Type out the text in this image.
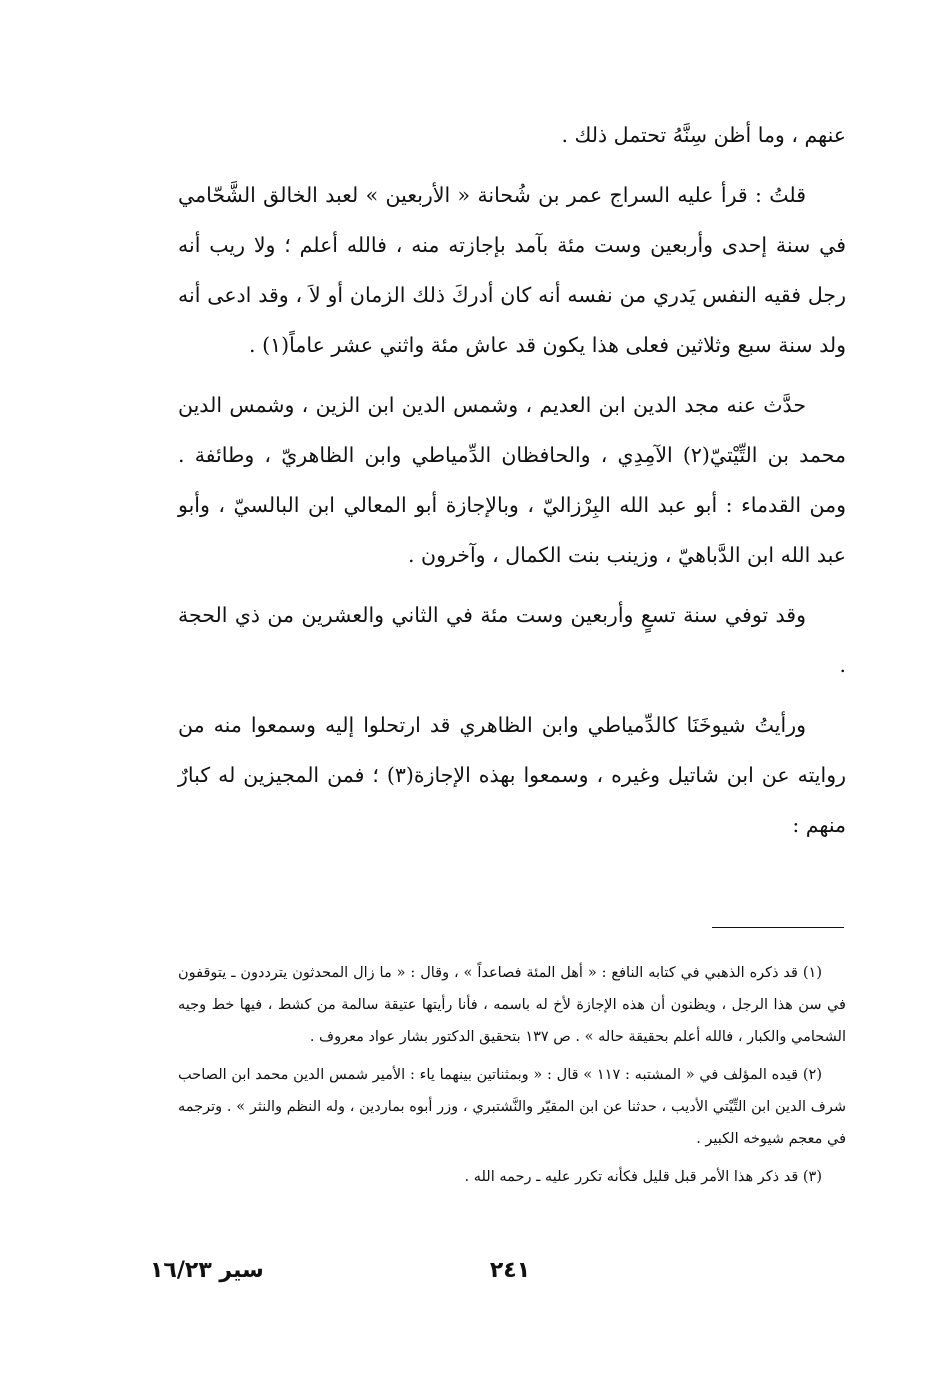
عنهم ، وما أظن سِنَّهُ تحتمل ذلك .

قلتُ : قرأ عليه السراج عمر بن شُحانة « الأربعين » لعبد الخالق الشَّحّامي في سنة إحدى وأربعين وست مئة بآمد بإجازته منه ، فالله أعلم ؛ ولا ريب أنه رجل فقيه النفس يَدري من نفسه أنه كان أدركَ ذلك الزمان أو لاَ ، وقد ادعى أنه ولد سنة سبع وثلاثين فعلى هذا يكون قد عاش مئة واثني عشر عاماً(١) .

حدَّث عنه مجد الدين ابن العديم ، وشمس الدين ابن الزين ، وشمس الدين محمد بن التِّيْتيّ(٢) الآمِدِي ، والحافظان الدِّمياطي وابن الظاهريّ ، وطائفة . ومن القدماء : أبو عبد الله البِرْزاليّ ، وبالإجازة أبو المعالي ابن البالسيّ ، وأبو عبد الله ابن الدَّباهيّ ، وزينب بنت الكمال ، وآخرون .

وقد توفي سنة تسعٍ وأربعين وست مئة في الثاني والعشرين من ذي الحجة .

ورأيتُ شيوخَنَا كالدِّمياطي وابن الظاهري قد ارتحلوا إليه وسمعوا منه من روايته عن ابن شاتيل وغيره ، وسمعوا بهذه الإجازة(٣) ؛ فمن المجيزين له كبارٌ منهم :

(١) قد ذكره الذهبي في كتابه النافع : « أهل المئة فصاعداً » ، وقال : « ما زال المحدثون يترددون ـ يتوقفون في سن هذا الرجل ، ويظنون أن هذه الإجازة لأخ له باسمه ، فأنا رأيتها عتيقة سالمة من كشط ، فيها خط وجيه الشحامي والكبار ، فالله أعلم بحقيقة حاله » . ص ١٣٧ بتحقيق الدكتور بشار عواد معروف .

(٢) قيده المؤلف في « المشتبه : ١١٧ » قال : « وبمثناتين بينهما ياء : الأمير شمس الدين محمد ابن الصاحب شرف الدين ابن التِّيْتي الأديب ، حدثنا عن ابن المقيّر والنَّشتبري ، وزر أبوه بماردين ، وله النظم والنثر » . وترجمه في معجم شيوخه الكبير .

(٣) قد ذكر هذا الأمر قبل قليل فكأنه تكرر عليه ـ رحمه الله .

٢٤١
سير ١٦/٢٣
